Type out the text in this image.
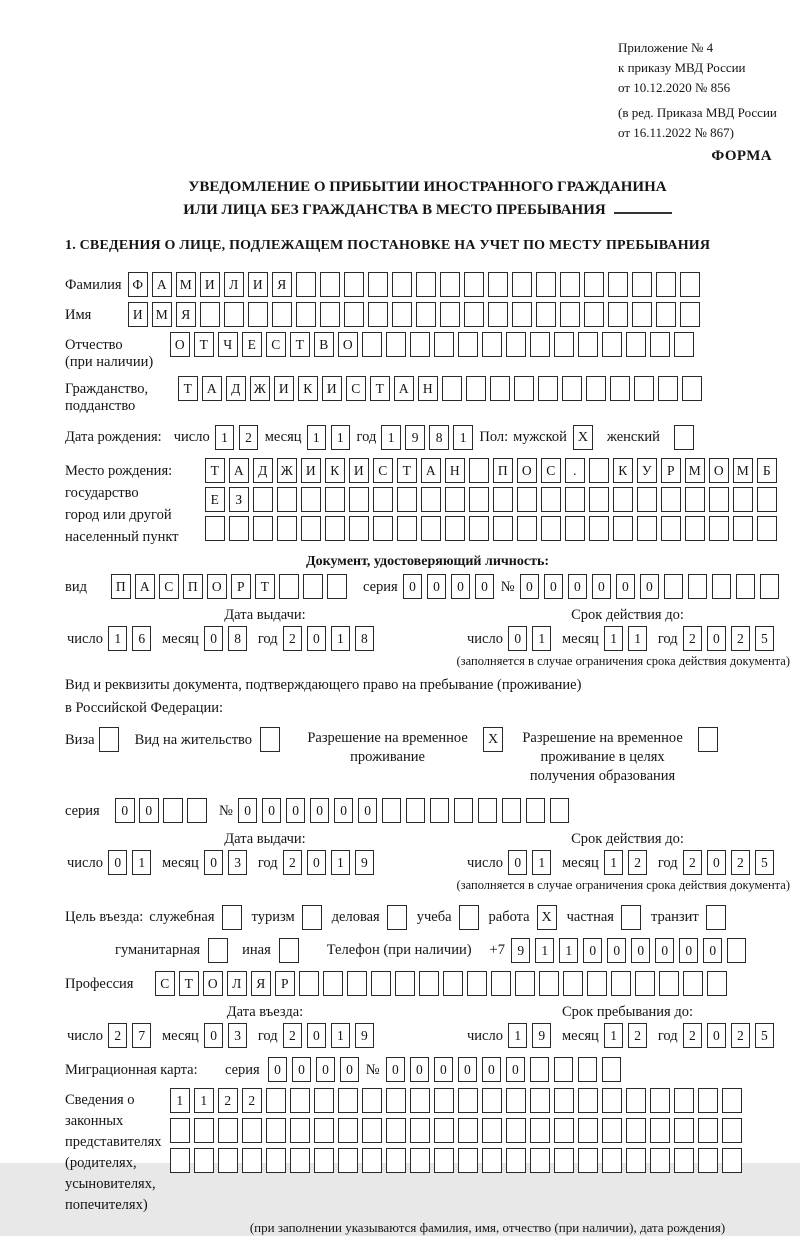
Приложение № 4
к приказу МВД России
от 10.12.2020 № 856
(в ред. Приказа МВД России
от 16.11.2022 № 867)
ФОРМА
УВЕДОМЛЕНИЕ О ПРИБЫТИИ ИНОСТРАННОГО ГРАЖДАНИНА
ИЛИ ЛИЦА БЕЗ ГРАЖДАНСТВА В МЕСТО ПРЕБЫВАНИЯ
1. СВЕДЕНИЯ О ЛИЦЕ, ПОДЛЕЖАЩЕМ ПОСТАНОВКЕ НА УЧЕТ ПО МЕСТУ ПРЕБЫВАНИЯ
Фамилия Ф	А М И	Л	И	Я
Имя	И М Я
Отчество
(при наличии)
О	Т	Ч	Е	С	Т	В	О
Гражданство,
подданство
Т	А	Д Ж И	К	И	С	Т	А	Н
Дата рождения: число 1	2 месяц 1	1 год 1	9	8	1 Пол: мужской X	женский
Место рождения:
государство
город или другой
населенный пункт
Т	А	Д Ж И	К	И	С	Т	А	Н	П	О	С	.	К	У	Р	М О М	Б
Е	З
Документ, удостоверяющий личность:
вид	П	А	С	П	О	Р	Т	серия 0	0	0	0 № 0	0	0	0	0	0
Дата выдачи:
число 1	6	месяц 0	8	год 2	0	1	8
Срок действия до:
число 0	1	месяц 1	1	год 2	0	2	5
(заполняется в случае ограничения срока действия документа)
Вид и реквизиты документа, подтверждающего право на пребывание (проживание)
в Российской Федерации:
Виза	Вид на жительство	Разрешение на временное проживание
X	Разрешение на временное проживание в целях получения образования
серия	0	0	№ 0	0	0	0	0	0
Дата выдачи:
число 0	1	месяц 0	3	год 2	0	1	9
Срок действия до:
число 0	1	месяц 1	2	год 2	0	2	5
(заполняется в случае ограничения срока действия документа)
Цель въезда: служебная	туризм	деловая	учеба	работа X	частная	транзит
гуманитарная	иная	Телефон (при наличии) +7 9	1	1	0	0	0	0	0	0
Профессия	С	Т	О	Л	Я	Р
Дата въезда:
число 2	7	месяц 0	3	год 2	0	1	9
Срок пребывания до:
число 1	9	месяц 1	2	год 2	0	2	5
Миграционная карта:	серия	0	0	0	0 № 0	0	0	0	0	0
Сведения о
законных
представителях
(родителях,
усыновителях,
попечителях)
1	1	2	2
(при заполнении указываются фамилия, имя, отчество (при наличии), дата рождения)
